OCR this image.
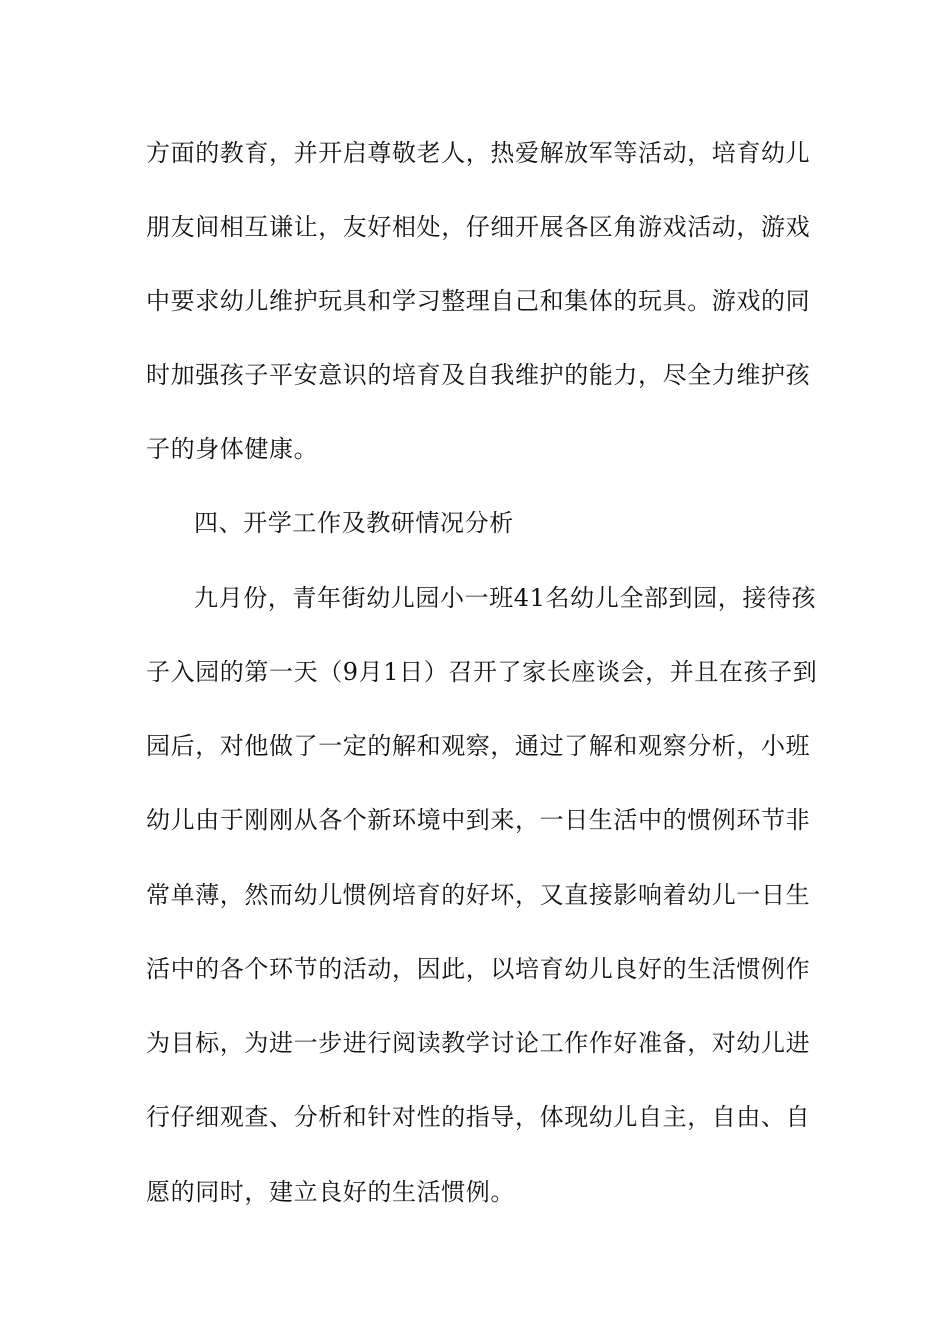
方面的教育，并开启尊敬老人，热爱解放军等活动，培育幼儿
朋友间相互谦让，友好相处，仔细开展各区角游戏活动，游戏
中要求幼儿维护玩具和学习整理自己和集体的玩具。游戏的同
时加强孩子平安意识的培育及自我维护的能力，尽全力维护孩
子的身体健康。
四、开学工作及教研情况分析
九月份，青年街幼儿园小一班41名幼儿全部到园，接待孩
子入园的第一天（9月1日）召开了家长座谈会，并且在孩子到
园后，对他做了一定的解和观察，通过了解和观察分析，小班
幼儿由于刚刚从各个新环境中到来，一日生活中的惯例环节非
常单薄，然而幼儿惯例培育的好坏，又直接影响着幼儿一日生
活中的各个环节的活动，因此，以培育幼儿良好的生活惯例作
为目标，为进一步进行阅读教学讨论工作作好准备，对幼儿进
行仔细观查、分析和针对性的指导，体现幼儿自主，自由、自
愿的同时，建立良好的生活惯例。
